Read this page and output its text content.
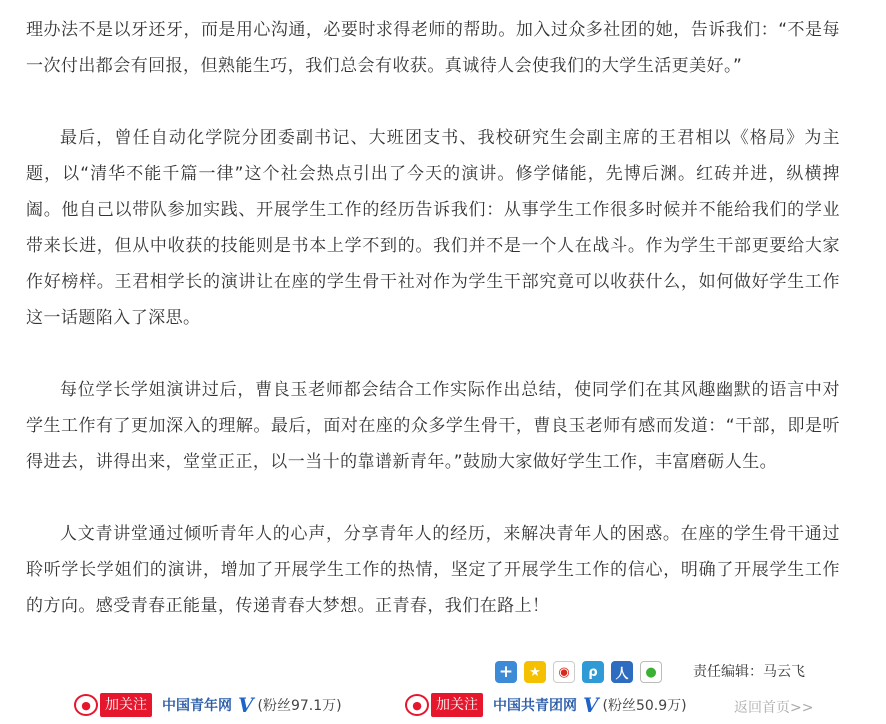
理办法不是以牙还牙，而是用心沟通，必要时求得老师的帮助。加入过众多社团的她，告诉我们：“不是每一次付出都会有回报，但熟能生巧，我们总会有收获。真诚待人会使我们的大学生活更美好。”

最后，曾任自动化学院分团委副书记、大班团支书、我校研究生会副主席的王君相以《格局》为主题，以“清华不能千篇一律”这个社会热点引出了今天的演讲。修学储能，先博后渊。红砖并进，纵横捭阖。他自己以带队参加实践、开展学生工作的经历告诉我们：从事学生工作很多时候并不能给我们的学业带来长进，但从中收获的技能则是书本上学不到的。我们并不是一个人在战斗。作为学生干部更要给大家作好榜样。王君相学长的演讲让在座的学生骨干社对作为学生干部究竟可以收获什么，如何做好学生工作这一话题陷入了深思。

每位学长学姐演讲过后，曹良玉老师都会结合工作实际作出总结，使同学们在其风趣幽默的语言中对学生工作有了更加深入的理解。最后，面对在座的众多学生骨干，曹良玉老师有感而发道：“干部，即是听得进去，讲得出来，堂堂正正，以一当十的靠谱新青年。”鼓励大家做好学生工作，丰富磨砺人生。

人文青讲堂通过倾听青年人的心声，分享青年人的经历，来解决青年人的困惑。在座的学生骨干通过聆听学长学姐们的演讲，增加了开展学生工作的热情，坚定了开展学生工作的信心，明确了开展学生工作的方向。感受青春正能量，传递青春大梦想。正青春，我们在路上！

+	★	◉	ρ	人	●	责任编辑：马云飞
●	加关注	中国青年网 V (粉丝97.1万)	●	加关注	中国共青团网 V (粉丝50.9万)	返回首页>>
